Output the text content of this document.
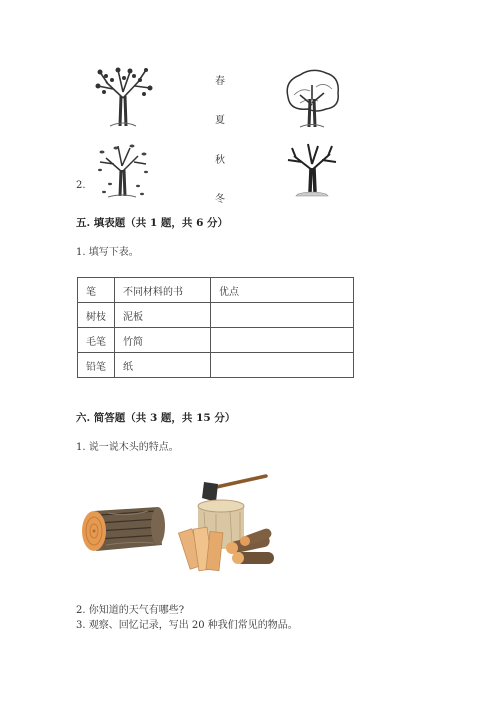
2.
春
夏
秋
冬
五. 填表题（共 1 题，共 6 分）
1. 填写下表。
笔	不同材料的书	优点
树枝	泥板	
毛笔	竹简	
铅笔	纸	
六. 简答题（共 3 题，共 15 分）
1. 说一说木头的特点。
2. 你知道的天气有哪些?
3. 观察、回忆记录，写出 20 种我们常见的物品。
